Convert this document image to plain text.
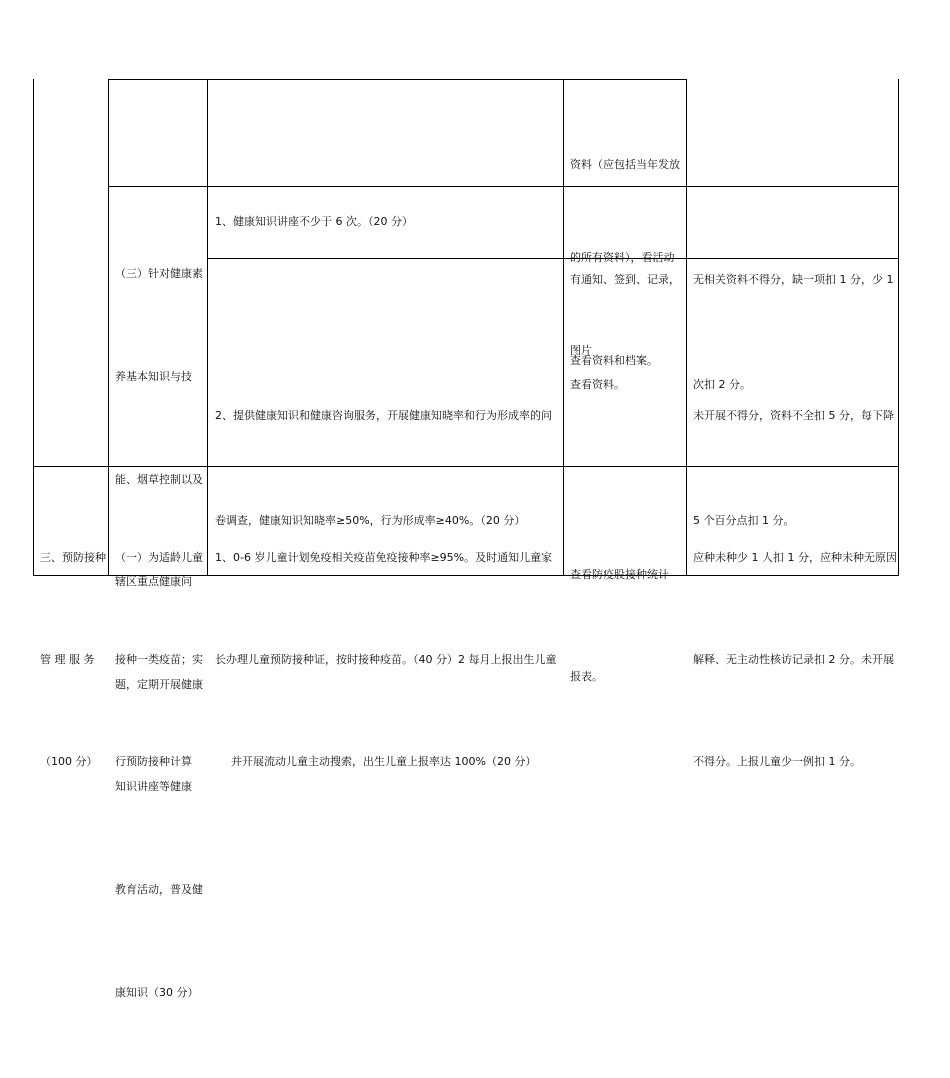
资料（应包括当年发放

的所有资料），看活动

图片

（三）针对健康素

养基本知识与技

能、烟草控制以及

辖区重点健康问

题，定期开展健康

知识讲座等健康

教育活动，普及健

康知识（30 分）

1、健康知识讲座不少于 6 次。（20 分）

有通知、签到、记录，

查看资料。

无相关资料不得分，缺一项扣 1 分，少 1

次扣 2 分。

2、提供健康知识和健康咨询服务，开展健康知晓率和行为形成率的问

卷调查，健康知识知晓率≥50%，行为形成率≥40%。（20 分）

查看资料和档案。

未开展不得分，资料不全扣 5 分，每下降

5 个百分点扣 1 分。

三、预防接种

管 理 服 务

（100 分）

（一）为适龄儿童

接种一类疫苗；实

行预防接种计算

1、0-6 岁儿童计划免疫相关疫苗免疫接种率≥95%。及时通知儿童家

长办理儿童预防接种证，按时接种疫苗。（40 分）2 每月上报出生儿童

并开展流动儿童主动搜索，出生儿童上报率达 100%（20 分）

查看防疫股接种统计

报表。

应种未种少 1 人扣 1 分，应种未种无原因

解释、无主动性核访记录扣 2 分。未开展

不得分。上报儿童少一例扣 1 分。
